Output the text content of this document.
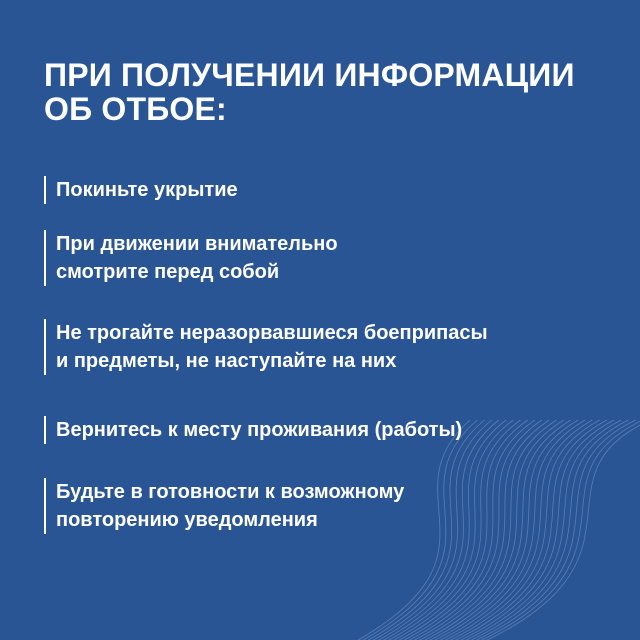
ПРИ ПОЛУЧЕНИИ ИНФОРМАЦИИ
ОБ ОТБОЕ:
Покиньте укрытие
При движении внимательно
смотрите перед собой
Не трогайте неразорвавшиеся боеприпасы
и предметы, не наступайте на них
Вернитесь к месту проживания (работы)
Будьте в готовности к возможному
повторению уведомления
